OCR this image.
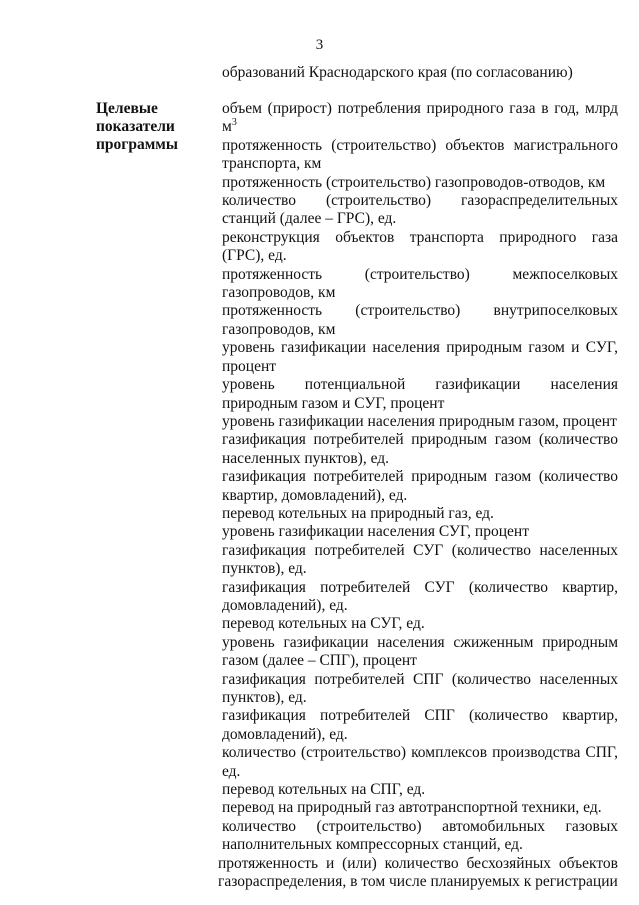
3
образований Краснодарского края (по согласованию)
Целевые
показатели
программы

объем (прирост) потребления природного газа в год, млрд $м^3$

протяженность (строительство) объектов магистрального транспорта, км

протяженность (строительство) газопроводов-отводов, км

количество (строительство) газораспределительных станций (далее – ГРС), ед.

реконструкция объектов транспорта природного газа (ГРС), ед.

протяженность (строительство) межпоселковых газопроводов, км

протяженность (строительство) внутрипоселковых газопроводов, км

уровень газификации населения природным газом и СУГ, процент

уровень потенциальной газификации населения природным газом и СУГ, процент

уровень газификации населения природным газом, процент

газификация потребителей природным газом (количество населенных пунктов), ед.

газификация потребителей природным газом (количество квартир, домовладений), ед.

перевод котельных на природный газ, ед.

уровень газификации населения СУГ, процент

газификация потребителей СУГ (количество населенных пунктов), ед.

газификация потребителей СУГ (количество квартир, домовладений), ед.

перевод котельных на СУГ, ед.

уровень газификации населения сжиженным природным газом (далее – СПГ), процент

газификация потребителей СПГ (количество населенных пунктов), ед.

газификация потребителей СПГ (количество квартир, домовладений), ед.

количество (строительство) комплексов производства СПГ, ед.

перевод котельных на СПГ, ед.

перевод на природный газ автотранспортной техники, ед.

количество (строительство) автомобильных газовых наполнительных компрессорных станций, ед.

протяженность и (или) количество бесхозяйных объектов газораспределения, в том числе планируемых к регистрации
